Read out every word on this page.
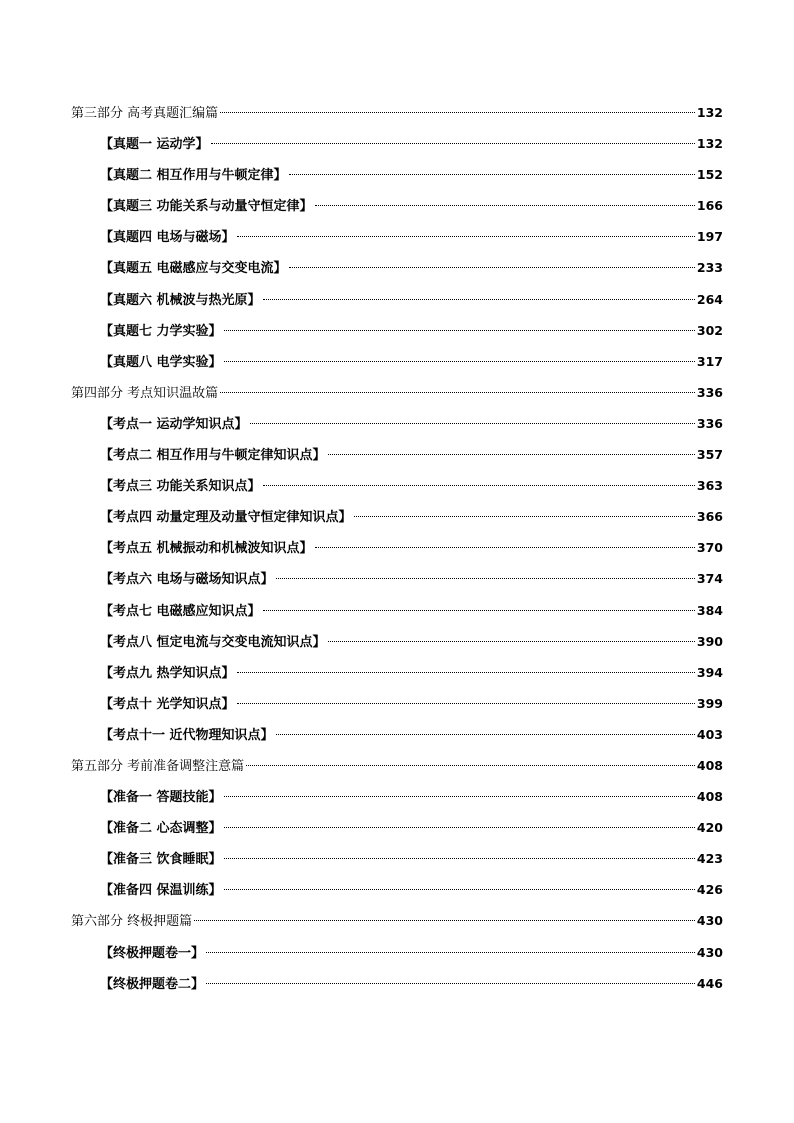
第三部分 高考真题汇编篇	132
【真题一 运动学】	132
【真题二 相互作用与牛顿定律】	152
【真题三 功能关系与动量守恒定律】	166
【真题四 电场与磁场】	197
【真题五 电磁感应与交变电流】	233
【真题六 机械波与热光原】	264
【真题七 力学实验】	302
【真题八 电学实验】	317
第四部分 考点知识温故篇	336
【考点一 运动学知识点】	336
【考点二 相互作用与牛顿定律知识点】	357
【考点三 功能关系知识点】	363
【考点四 动量定理及动量守恒定律知识点】	366
【考点五 机械振动和机械波知识点】	370
【考点六 电场与磁场知识点】	374
【考点七 电磁感应知识点】	384
【考点八 恒定电流与交变电流知识点】	390
【考点九 热学知识点】	394
【考点十 光学知识点】	399
【考点十一 近代物理知识点】	403
第五部分 考前准备调整注意篇	408
【准备一 答题技能】	408
【准备二 心态调整】	420
【准备三 饮食睡眠】	423
【准备四 保温训练】	426
第六部分 终极押题篇	430
【终极押题卷一】	430
【终极押题卷二】	446
